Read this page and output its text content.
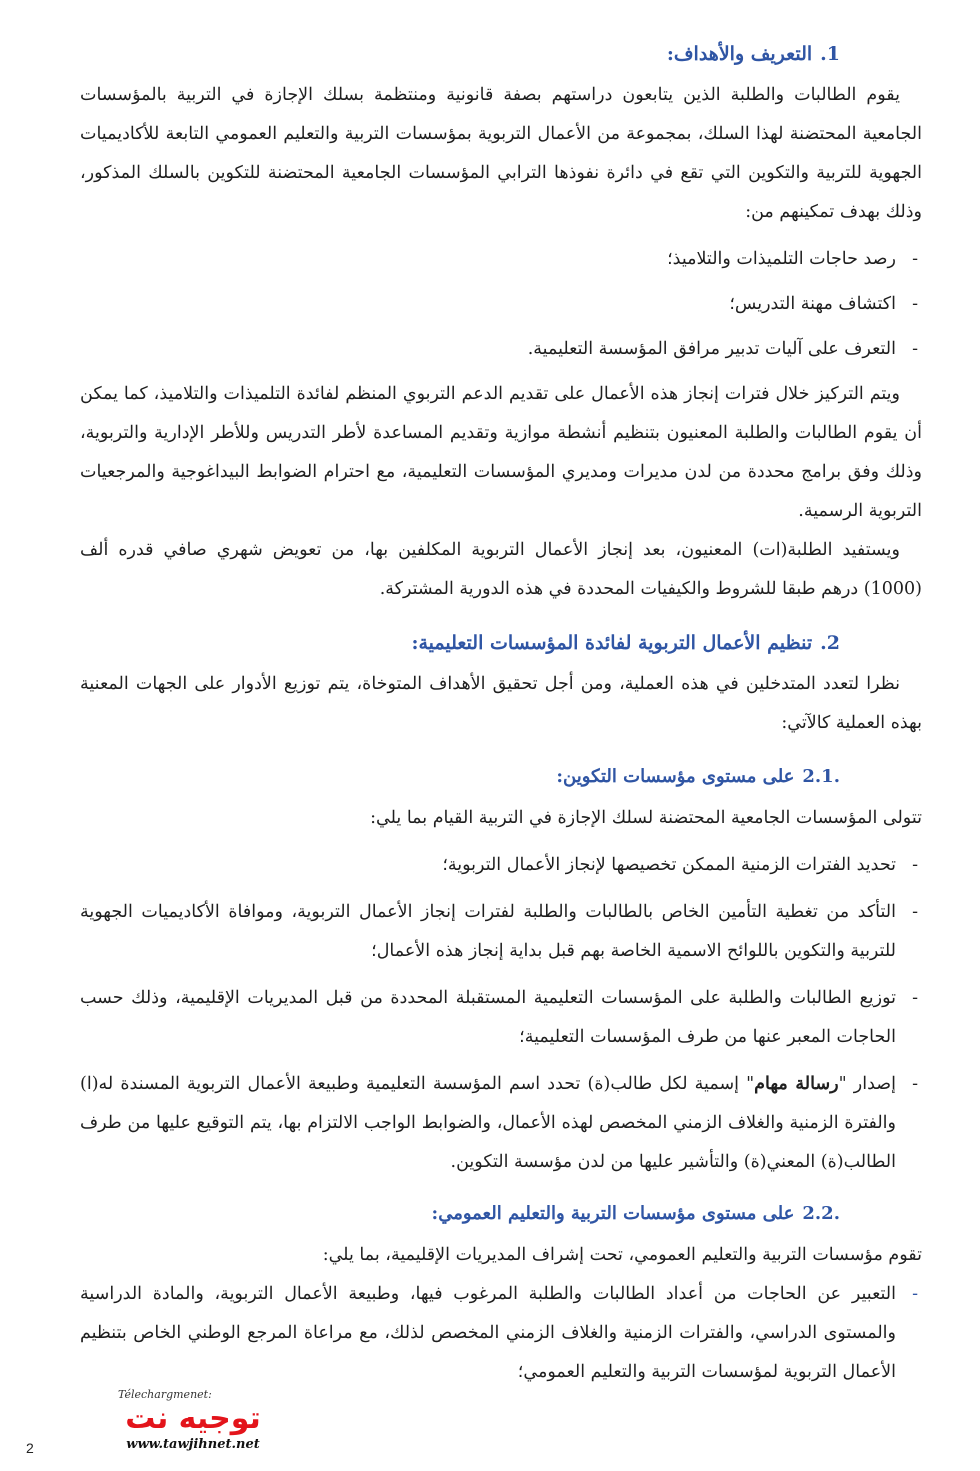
1.التعريف والأهداف:

يقوم الطالبات والطلبة الذين يتابعون دراستهم بصفة قانونية ومنتظمة بسلك الإجازة في التربية بالمؤسسات الجامعية المحتضنة لهذا السلك، بمجموعة من الأعمال التربوية بمؤسسات التربية والتعليم العمومي التابعة للأكاديميات الجهوية للتربية والتكوين التي تقع في دائرة نفوذها الترابي المؤسسات الجامعية المحتضنة للتكوين بالسلك المذكور، وذلك بهدف تمكينهم من:

-
رصد حاجات التلميذات والتلاميذ؛
-
اكتشاف مهنة التدريس؛
-
التعرف على آليات تدبير مرافق المؤسسة التعليمية.

ويتم التركيز خلال فترات إنجاز هذه الأعمال على تقديم الدعم التربوي المنظم لفائدة التلميذات والتلاميذ، كما يمكن أن يقوم الطالبات والطلبة المعنيون بتنظيم أنشطة موازية وتقديم المساعدة لأطر التدريس وللأطر الإدارية والتربوية، وذلك وفق برامج محددة من لدن مديرات ومديري المؤسسات التعليمية، مع احترام الضوابط البيداغوجية والمرجعيات التربوية الرسمية.

ويستفيد الطلبة(ات) المعنيون، بعد إنجاز الأعمال التربوية المكلفين بها، من تعويض شهري صافي قدره ألف (1000) درهم طبقا للشروط والكيفيات المحددة في هذه الدورية المشتركة.

2.تنظيم الأعمال التربوية لفائدة المؤسسات التعليمية:

نظرا لتعدد المتدخلين في هذه العملية، ومن أجل تحقيق الأهداف المتوخاة، يتم توزيع الأدوار على الجهات المعنية بهذه العملية كالآتي:

.2.1على مستوى مؤسسات التكوين:

تتولى المؤسسات الجامعية المحتضنة لسلك الإجازة في التربية القيام بما يلي:

-
تحديد الفترات الزمنية الممكن تخصيصها لإنجاز الأعمال التربوية؛
-
التأكد من تغطية التأمين الخاص بالطالبات والطلبة لفترات إنجاز الأعمال التربوية، وموافاة الأكاديميات الجهوية للتربية والتكوين باللوائح الاسمية الخاصة بهم قبل بداية إنجاز هذه الأعمال؛
-
توزيع الطالبات والطلبة على المؤسسات التعليمية المستقبلة المحددة من قبل المديريات الإقليمية، وذلك حسب الحاجات المعبر عنها من طرف المؤسسات التعليمية؛
-
إصدار "رسالة مهام" إسمية لكل طالب(ة) تحدد اسم المؤسسة التعليمية وطبيعة الأعمال التربوية المسندة له(ا) والفترة الزمنية والغلاف الزمني المخصص لهذه الأعمال، والضوابط الواجب الالتزام بها، يتم التوقيع عليها من طرف الطالب(ة) المعني(ة) والتأشير عليها من لدن مؤسسة التكوين.
.2.2على مستوى مؤسسات التربية والتعليم العمومي:

تقوم مؤسسات التربية والتعليم العمومي، تحت إشراف المديريات الإقليمية، بما يلي:

-
التعبير عن الحاجات من أعداد الطالبات والطلبة المرغوب فيها، وطبيعة الأعمال التربوية، والمادة الدراسية والمستوى الدراسي، والفترات الزمنية والغلاف الزمني المخصص لذلك، مع مراعاة المرجع الوطني الخاص بتنظيم الأعمال التربوية لمؤسسات التربية والتعليم العمومي؛
Télechargmenet:
توجيه نت
www.tawjihnet.net
2
